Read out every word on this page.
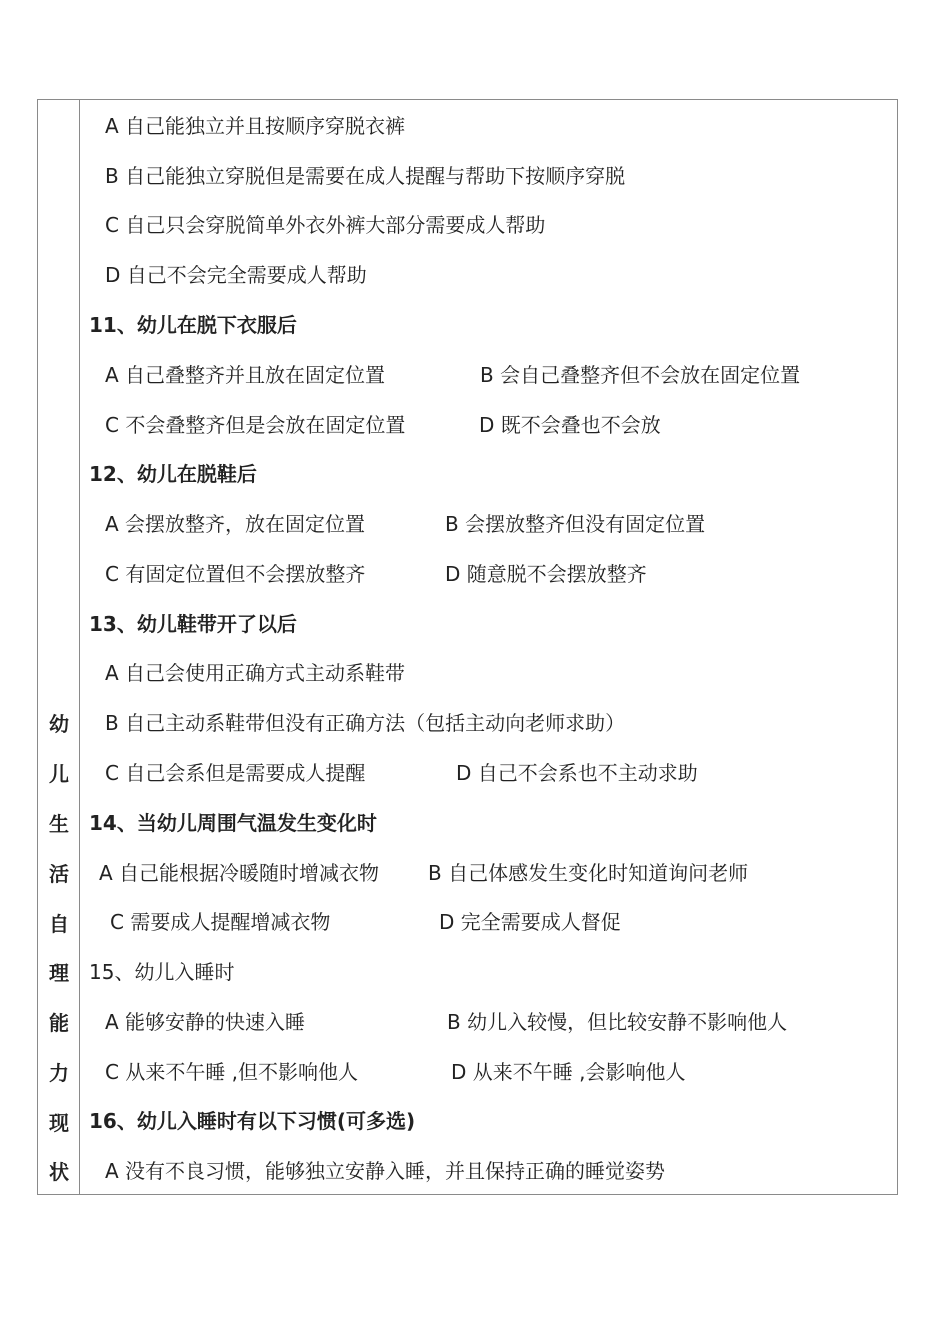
幼
儿
生
活
自
理
能
力
现
状
A 自己能独立并且按顺序穿脱衣裤
B 自己能独立穿脱但是需要在成人提醒与帮助下按顺序穿脱
C 自己只会穿脱简单外衣外裤大部分需要成人帮助
D 自己不会完全需要成人帮助
11、幼儿在脱下衣服后
A 自己叠整齐并且放在固定位置	B 会自己叠整齐但不会放在固定位置
C 不会叠整齐但是会放在固定位置	D 既不会叠也不会放
12、幼儿在脱鞋后
A 会摆放整齐，放在固定位置	B 会摆放整齐但没有固定位置
C 有固定位置但不会摆放整齐	D 随意脱不会摆放整齐
13、幼儿鞋带开了以后
A 自己会使用正确方式主动系鞋带
B 自己主动系鞋带但没有正确方法（包括主动向老师求助）
C 自己会系但是需要成人提醒	D 自己不会系也不主动求助
14、当幼儿周围气温发生变化时
A 自己能根据冷暖随时增减衣物 B 自己体感发生变化时知道询问老师
C 需要成人提醒增减衣物	D 完全需要成人督促
15、幼儿入睡时
A 能够安静的快速入睡	B 幼儿入较慢，但比较安静不影响他人
C 从来不午睡 ,但不影响他人	D 从来不午睡 ,会影响他人
16、幼儿入睡时有以下习惯(可多选)
A 没有不良习惯，能够独立安静入睡，并且保持正确的睡觉姿势
